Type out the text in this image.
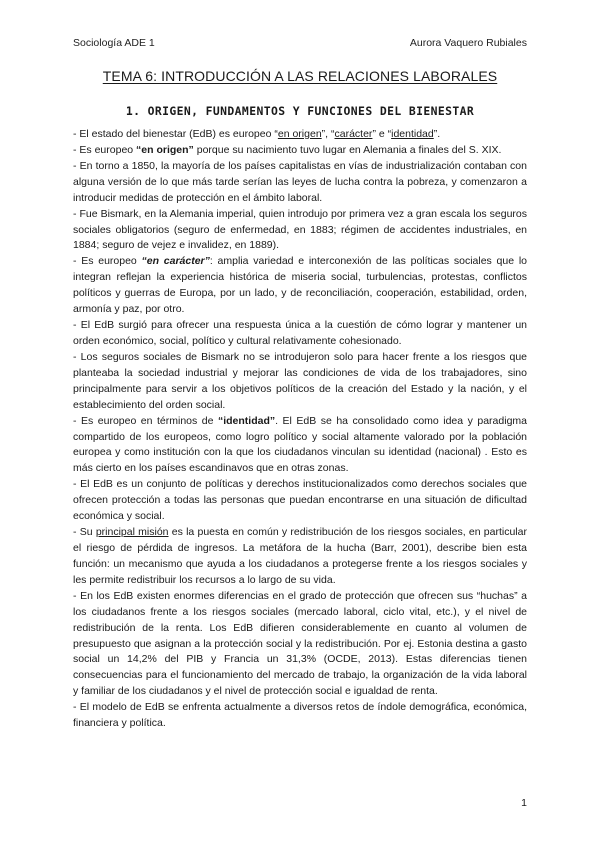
Sociología ADE 1	Aurora Vaquero Rubiales
TEMA 6: INTRODUCCIÓN A LAS RELACIONES LABORALES
1. ORIGEN, FUNDAMENTOS Y FUNCIONES DEL BIENESTAR

- El estado del bienestar (EdB) es europeo “en origen”, “carácter” e “identidad”.

- Es europeo “en origen” porque su nacimiento tuvo lugar en Alemania a finales del S. XIX.

- En torno a 1850, la mayoría de los países capitalistas en vías de industrialización contaban con alguna versión de lo que más tarde serían las leyes de lucha contra la pobreza, y comenzaron a introducir medidas de protección en el ámbito laboral.

- Fue Bismark, en la Alemania imperial, quien introdujo por primera vez a gran escala los seguros sociales obligatorios (seguro de enfermedad, en 1883; régimen de accidentes industriales, en 1884; seguro de vejez e invalidez, en 1889).

- Es europeo “en carácter”: amplia variedad e interconexión de las políticas sociales que lo integran reflejan la experiencia histórica de miseria social, turbulencias, protestas, conflictos políticos y guerras de Europa, por un lado, y de reconciliación, cooperación, estabilidad, orden, armonía y paz, por otro.

- El EdB surgió para ofrecer una respuesta única a la cuestión de cómo lograr y mantener un orden económico, social, político y cultural relativamente cohesionado.

- Los seguros sociales de Bismark no se introdujeron solo para hacer frente a los riesgos que planteaba la sociedad industrial y mejorar las condiciones de vida de los trabajadores, sino principalmente para servir a los objetivos políticos de la creación del Estado y la nación, y el establecimiento del orden social.

- Es europeo en términos de “identidad”. El EdB se ha consolidado como idea y paradigma compartido de los europeos, como logro político y social altamente valorado por la población europea y como institución con la que los ciudadanos vinculan su identidad (nacional) . Esto es más cierto en los países escandinavos que en otras zonas.

- El EdB es un conjunto de políticas y derechos institucionalizados como derechos sociales que ofrecen protección a todas las personas que puedan encontrarse en una situación de dificultad económica y social.

- Su principal misión es la puesta en común y redistribución de los riesgos sociales, en particular el riesgo de pérdida de ingresos. La metáfora de la hucha (Barr, 2001), describe bien esta función: un mecanismo que ayuda a los ciudadanos a protegerse frente a los riesgos sociales y les permite redistribuir los recursos a lo largo de su vida.

- En los EdB existen enormes diferencias en el grado de protección que ofrecen sus “huchas” a los ciudadanos frente a los riesgos sociales (mercado laboral, ciclo vital, etc.), y el nivel de redistribución de la renta. Los EdB difieren considerablemente en cuanto al volumen de presupuesto que asignan a la protección social y la redistribución. Por ej. Estonia destina a gasto social un 14,2% del PIB y Francia un 31,3% (OCDE, 2013). Estas diferencias tienen consecuencias para el funcionamiento del mercado de trabajo, la organización de la vida laboral y familiar de los ciudadanos y el nivel de protección social e igualdad de renta.

- El modelo de EdB se enfrenta actualmente a diversos retos de índole demográfica, económica, financiera y política.

1
